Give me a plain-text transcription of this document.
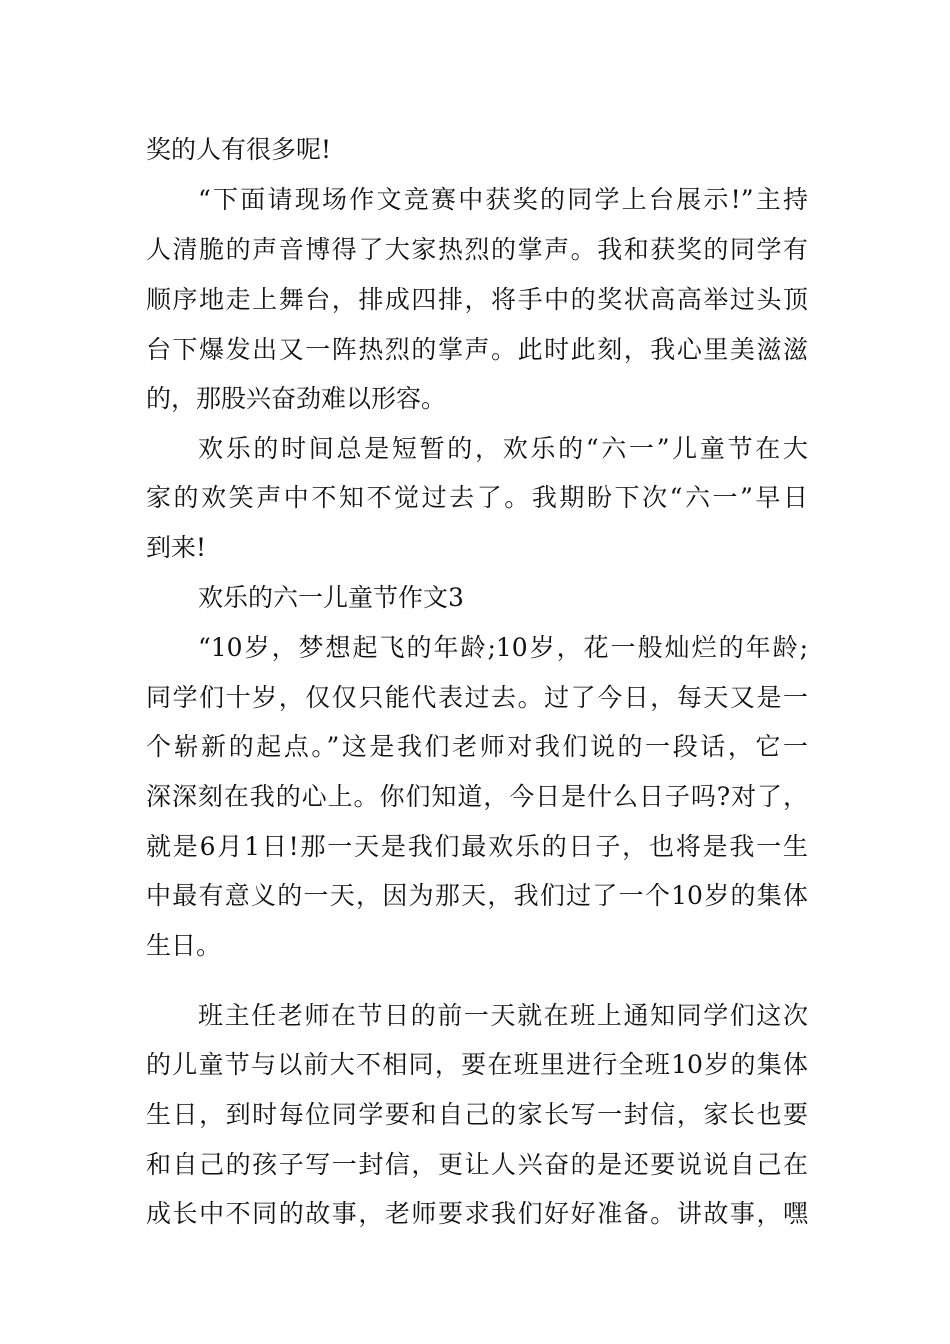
奖的人有很多呢!
“下面请现场作文竞赛中获奖的同学上台展示!”主持
人清脆的声音博得了大家热烈的掌声。我和获奖的同学有
顺序地走上舞台，排成四排，将手中的奖状高高举过头顶
台下爆发出又一阵热烈的掌声。此时此刻，我心里美滋滋
的，那股兴奋劲难以形容。
欢乐的时间总是短暂的，欢乐的“六一”儿童节在大
家的欢笑声中不知不觉过去了。我期盼下次“六一”早日
到来!
欢乐的六一儿童节作文3
“10岁，梦想起飞的年龄;10岁，花一般灿烂的年龄;
同学们十岁，仅仅只能代表过去。过了今日，每天又是一
个崭新的起点。”这是我们老师对我们说的一段话，它一
深深刻在我的心上。你们知道，今日是什么日子吗?对了，
就是6月1日!那一天是我们最欢乐的日子，也将是我一生
中最有意义的一天，因为那天，我们过了一个10岁的集体
生日。
班主任老师在节日的前一天就在班上通知同学们这次
的儿童节与以前大不相同，要在班里进行全班10岁的集体
生日，到时每位同学要和自己的家长写一封信，家长也要
和自己的孩子写一封信，更让人兴奋的是还要说说自己在
成长中不同的故事，老师要求我们好好准备。讲故事，嘿
